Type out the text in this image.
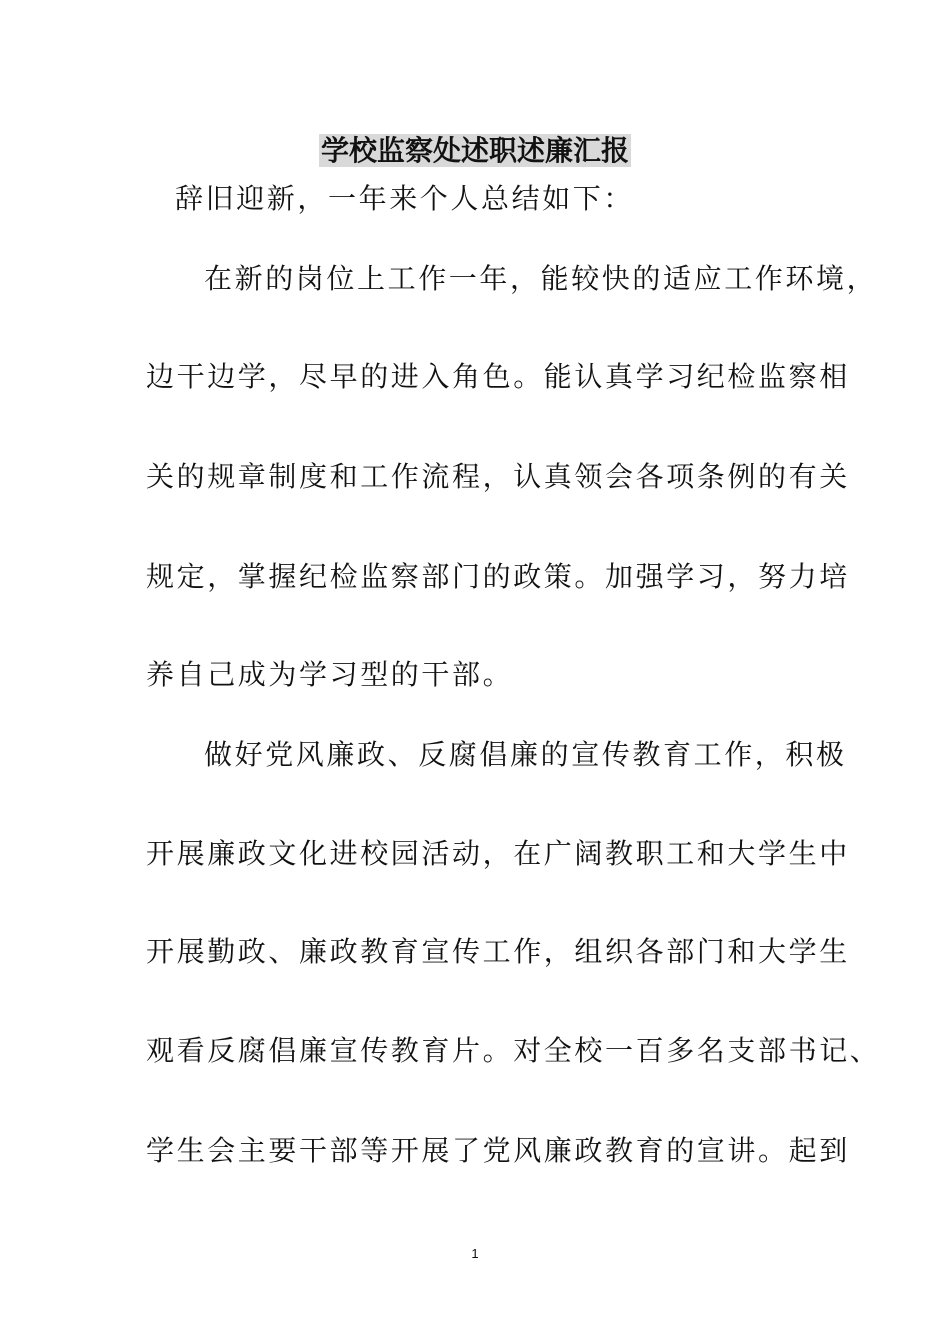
学校监察处述职述廉汇报
辞旧迎新，一年来个人总结如下：
在新的岗位上工作一年，能较快的适应工作环境，
边干边学，尽早的进入角色。能认真学习纪检监察相
关的规章制度和工作流程，认真领会各项条例的有关
规定，掌握纪检监察部门的政策。加强学习，努力培
养自己成为学习型的干部。
做好党风廉政、反腐倡廉的宣传教育工作，积极
开展廉政文化进校园活动，在广阔教职工和大学生中
开展勤政、廉政教育宣传工作，组织各部门和大学生
观看反腐倡廉宣传教育片。对全校一百多名支部书记、
学生会主要干部等开展了党风廉政教育的宣讲。起到
1
